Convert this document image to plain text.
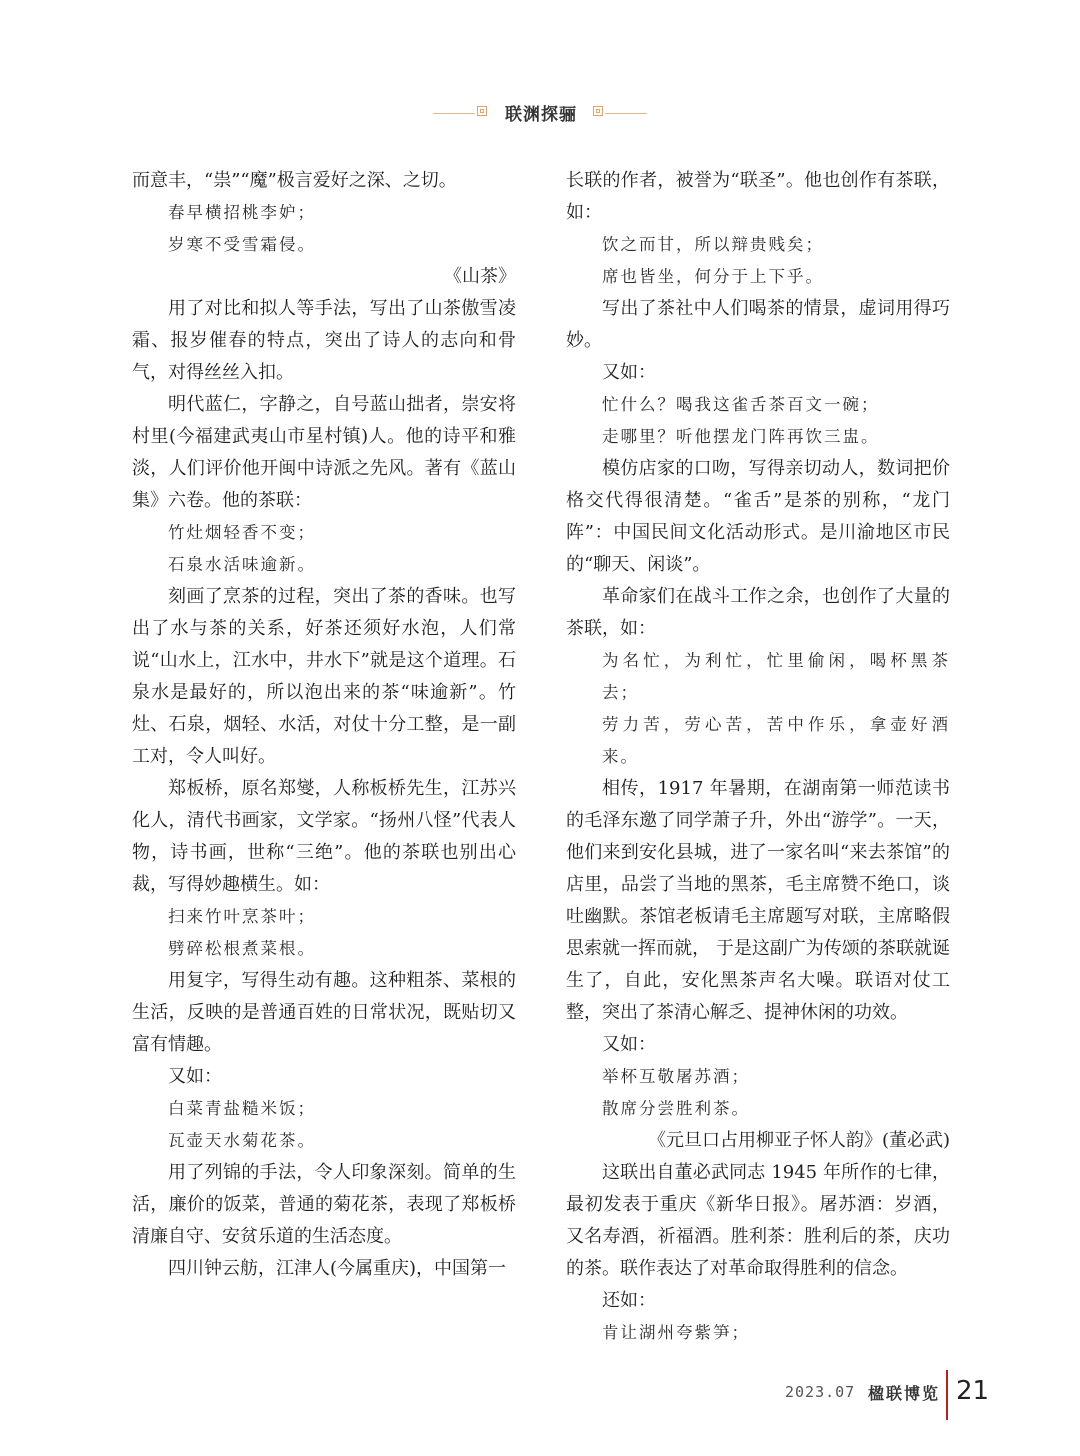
联渊探骊

而意丰，“祟”“魔”极言爱好之深、之切。

春早横招桃李妒；

岁寒不受雪霜侵。

《山茶》

用了对比和拟人等手法，写出了山茶傲雪凌霜、报岁催春的特点，突出了诗人的志向和骨气，对得丝丝入扣。

明代蓝仁，字静之，自号蓝山拙者，崇安将村里(今福建武夷山市星村镇)人。他的诗平和雅淡，人们评价他开闽中诗派之先风。著有《蓝山集》六卷。他的茶联：

竹灶烟轻香不变；

石泉水活味逾新。

刻画了烹茶的过程，突出了茶的香味。也写出了水与茶的关系，好茶还须好水泡，人们常说“山水上，江水中，井水下”就是这个道理。石泉水是最好的，所以泡出来的茶“味逾新”。竹灶、石泉，烟轻、水活，对仗十分工整，是一副工对，令人叫好。

郑板桥，原名郑燮，人称板桥先生，江苏兴化人，清代书画家，文学家。“扬州八怪”代表人物，诗书画，世称“三绝”。他的茶联也别出心裁，写得妙趣横生。如：

扫来竹叶烹茶叶；

劈碎松根煮菜根。

用复字，写得生动有趣。这种粗茶、菜根的生活，反映的是普通百姓的日常状况，既贴切又富有情趣。

又如：

白菜青盐糙米饭；

瓦壶天水菊花茶。

用了列锦的手法，令人印象深刻。简单的生活，廉价的饭菜，普通的菊花茶，表现了郑板桥清廉自守、安贫乐道的生活态度。

四川钟云舫，江津人(今属重庆)，中国第一

长联的作者，被誉为“联圣”。他也创作有茶联，如：

饮之而甘，所以辩贵贱矣；

席也皆坐，何分于上下乎。

写出了茶社中人们喝茶的情景，虚词用得巧妙。

又如：

忙什么？喝我这雀舌茶百文一碗；

走哪里？听他摆龙门阵再饮三盅。

模仿店家的口吻，写得亲切动人，数词把价格交代得很清楚。“雀舌”是茶的别称，“龙门阵”：中国民间文化活动形式。是川渝地区市民的“聊天、闲谈”。

革命家们在战斗工作之余，也创作了大量的茶联，如：

为名忙，为利忙，忙里偷闲，喝杯黑茶去；

劳力苦，劳心苦，苦中作乐，拿壶好酒来。

相传，1917 年暑期，在湖南第一师范读书的毛泽东邀了同学萧子升，外出“游学”。一天，他们来到安化县城，进了一家名叫“来去茶馆”的店里，品尝了当地的黑茶，毛主席赞不绝口，谈吐幽默。茶馆老板请毛主席题写对联，主席略假思索就一挥而就， 于是这副广为传颂的茶联就诞生了，自此，安化黑茶声名大噪。联语对仗工整，突出了茶清心解乏、提神休闲的功效。

又如：

举杯互敬屠苏酒；

散席分尝胜利茶。

《元旦口占用柳亚子怀人韵》(董必武)

这联出自董必武同志 1945 年所作的七律，最初发表于重庆《新华日报》。屠苏酒：岁酒，又名寿酒，祈福酒。胜利茶：胜利后的茶，庆功的茶。联作表达了对革命取得胜利的信念。

还如：

肯让湖州夸紫笋；

2023.07 楹联博览 21
